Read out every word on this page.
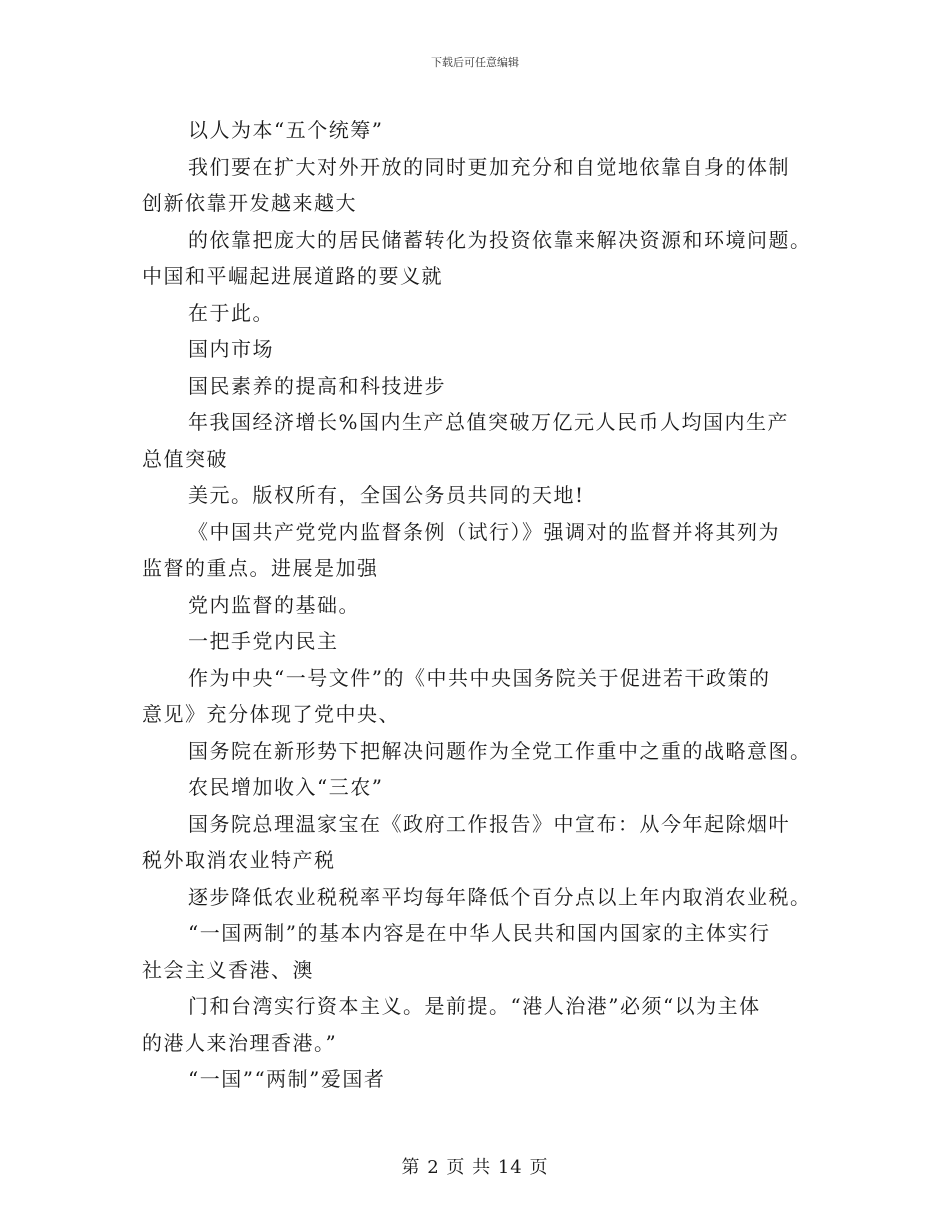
下载后可任意编辑
以人为本“五个统筹”
我们要在扩大对外开放的同时更加充分和自觉地依靠自身的体制
创新依靠开发越来越大
的依靠把庞大的居民储蓄转化为投资依靠来解决资源和环境问题。
中国和平崛起进展道路的要义就
在于此。
国内市场
国民素养的提高和科技进步
年我国经济增长%国内生产总值突破万亿元人民币人均国内生产
总值突破
美元。版权所有，全国公务员共同的天地!
《中国共产党党内监督条例（试行）》强调对的监督并将其列为
监督的重点。进展是加强
党内监督的基础。
一把手党内民主
作为中央“一号文件”的《中共中央国务院关于促进若干政策的
意见》充分体现了党中央、
国务院在新形势下把解决问题作为全党工作重中之重的战略意图。
农民增加收入“三农”
国务院总理温家宝在《政府工作报告》中宣布：从今年起除烟叶
税外取消农业特产税
逐步降低农业税税率平均每年降低个百分点以上年内取消农业税。
“一国两制”的基本内容是在中华人民共和国内国家的主体实行
社会主义香港、澳
门和台湾实行资本主义。是前提。“港人治港”必须“以为主体
的港人来治理香港。”
“一国”“两制”爱国者
第 2 页 共 14 页
